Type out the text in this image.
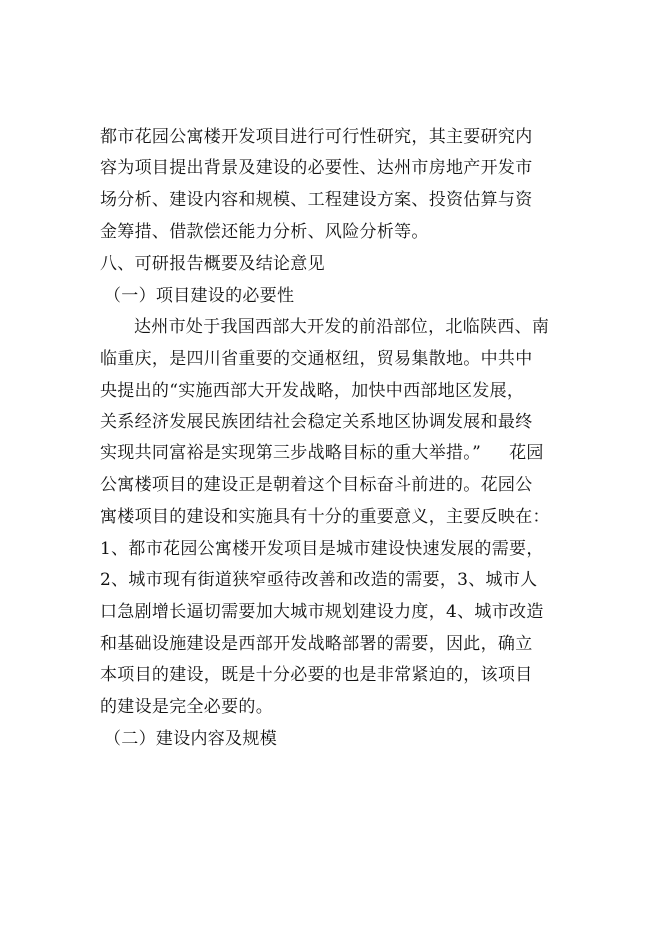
都市花园公寓楼开发项目进行可行性研究，其主要研究内
容为项目提出背景及建设的必要性、达州市房地产开发市
场分析、建设内容和规模、工程建设方案、投资估算与资
金筹措、借款偿还能力分析、风险分析等。
八、可研报告概要及结论意见
（一）项目建设的必要性
达州市处于我国西部大开发的前沿部位，北临陕西、南
临重庆，是四川省重要的交通枢纽，贸易集散地。中共中
央提出的“实施西部大开发战略，加快中西部地区发展，
关系经济发展民族团结社会稳定关系地区协调发展和最终
实现共同富裕是实现第三步战略目标的重大举措。” 花园
公寓楼项目的建设正是朝着这个目标奋斗前进的。花园公
寓楼项目的建设和实施具有十分的重要意义，主要反映在：
1、都市花园公寓楼开发项目是城市建设快速发展的需要，
2、城市现有街道狭窄亟待改善和改造的需要，3、城市人
口急剧增长逼切需要加大城市规划建设力度，4、城市改造
和基础设施建设是西部开发战略部署的需要，因此，确立
本项目的建设，既是十分必要的也是非常紧迫的，该项目
的建设是完全必要的。
（二）建设内容及规模
